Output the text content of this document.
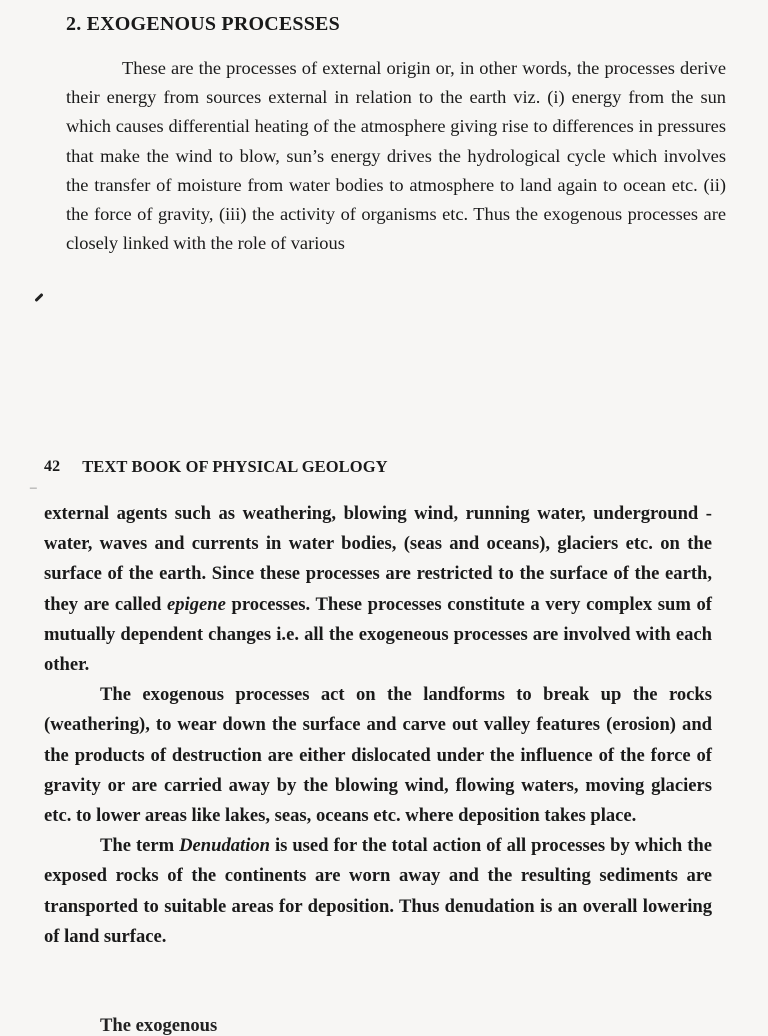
2. EXOGENOUS PROCESSES

These are the processes of external origin or, in other words, the processes derive their energy from sources external in relation to the earth viz. (i) energy from the sun which causes differential heating of the atmosphere giving rise to differences in pressures that make the wind to blow, sun’s energy drives the hydrological cycle which involves the transfer of moisture from water bodies to atmosphere to land again to ocean etc. (ii) the force of gravity, (iii) the activity of organisms etc. Thus the exogenous processes are closely linked with the role of various

_
42 TEXT BOOK OF PHYSICAL GEOLOGY

external agents such as weathering, blowing wind, running water, underground - water, waves and currents in water bodies, (seas and oceans), glaciers etc. on the surface of the earth. Since these processes are restricted to the surface of the earth, they are called epigene processes. These processes constitute a very complex sum of mutually dependent changes i.e. all the exogeneous processes are involved with each other.

The exogenous processes act on the landforms to break up the rocks (weathering), to wear down the surface and carve out valley features (erosion) and the products of destruction are either dislocated under the influence of the force of gravity or are carried away by the blowing wind, flowing waters, moving glaciers etc. to lower areas like lakes, seas, oceans etc. where deposition takes place.

The term Denudation is used for the total action of all processes by which the exposed rocks of the continents are worn away and the resulting sediments are transported to suitable areas for deposition. Thus denudation is an overall lowering of land surface.

The exogenous
